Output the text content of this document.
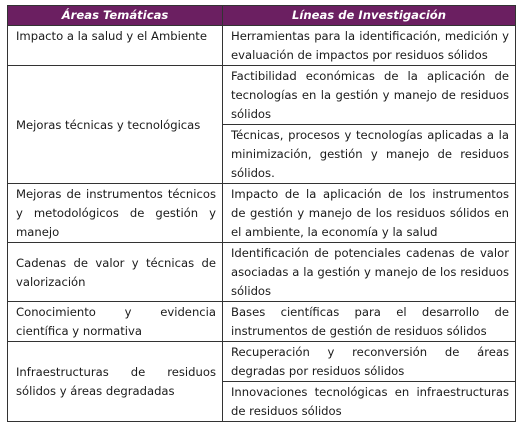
Áreas Temáticas	Líneas de Investigación
Impacto a la salud y el Ambiente	Herramientas para la identificación, medición y evaluación de impactos por residuos sólidos
Mejoras técnicas y tecnológicas	Factibilidad económicas de la aplicación de tecnologías en la gestión y manejo de residuos sólidos
	Técnicas, procesos y tecnologías aplicadas a la minimización, gestión y manejo de residuos sólidos.
Mejoras de instrumentos técnicos y metodológicos de gestión y manejo	Impacto de la aplicación de los instrumentos de gestión y manejo de los residuos sólidos en el ambiente, la economía y la salud
Cadenas de valor y técnicas de valorización	Identificación de potenciales cadenas de valor asociadas a la gestión y manejo de los residuos sólidos
Conocimiento y evidencia científica y normativa	Bases científicas para el desarrollo de instrumentos de gestión de residuos sólidos
Infraestructuras de residuos sólidos y áreas degradadas	Recuperación y reconversión de áreas degradas por residuos sólidos
	Innovaciones tecnológicas en infraestructuras de residuos sólidos
